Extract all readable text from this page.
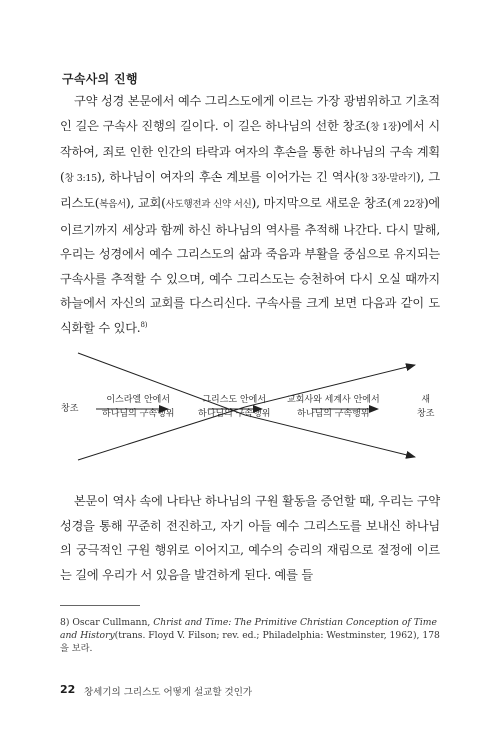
구속사의 진행

구약 성경 본문에서 예수 그리스도에게 이르는 가장 광범위하고 기초적인 길은 구속사 진행의 길이다. 이 길은 하나님의 선한 창조(창 1장)에서 시작하여, 죄로 인한 인간의 타락과 여자의 후손을 통한 하나님의 구속 계획(창 3:15), 하나님이 여자의 후손 계보를 이어가는 긴 역사(창 3장-말라기), 그리스도(복음서), 교회(사도행전과 신약 서신), 마지막으로 새로운 창조(계 22장)에 이르기까지 세상과 함께 하신 하나님의 역사를 추적해 나간다. 다시 말해, 우리는 성경에서 예수 그리스도의 삶과 죽음과 부활을 중심으로 유지되는 구속사를 추적할 수 있으며, 예수 그리스도는 승천하여 다시 오실 때까지 하늘에서 자신의 교회를 다스리신다. 구속사를 크게 보면 다음과 같이 도식화할 수 있다.$^{8)}$

창조
이스라엘 안에서
하나님의 구속행위
그리스도 안에서
하나님의 구속행위
교회사와 세계사 안에서
하나님의 구속행위
새
창조

본문이 역사 속에 나타난 하나님의 구원 활동을 증언할 때, 우리는 구약 성경을 통해 꾸준히 전진하고, 자기 아들 예수 그리스도를 보내신 하나님의 궁극적인 구원 행위로 이어지고, 예수의 승리의 재림으로 절정에 이르는 길에 우리가 서 있음을 발견하게 된다. 예를 들

8) Oscar Cullmann, Christ and Time: The Primitive Christian Conception of Time and History(trans. Floyd V. Filson; rev. ed.; Philadelphia: Westminster, 1962), 178을 보라.

22 창세기의 그리스도 어떻게 설교할 것인가
